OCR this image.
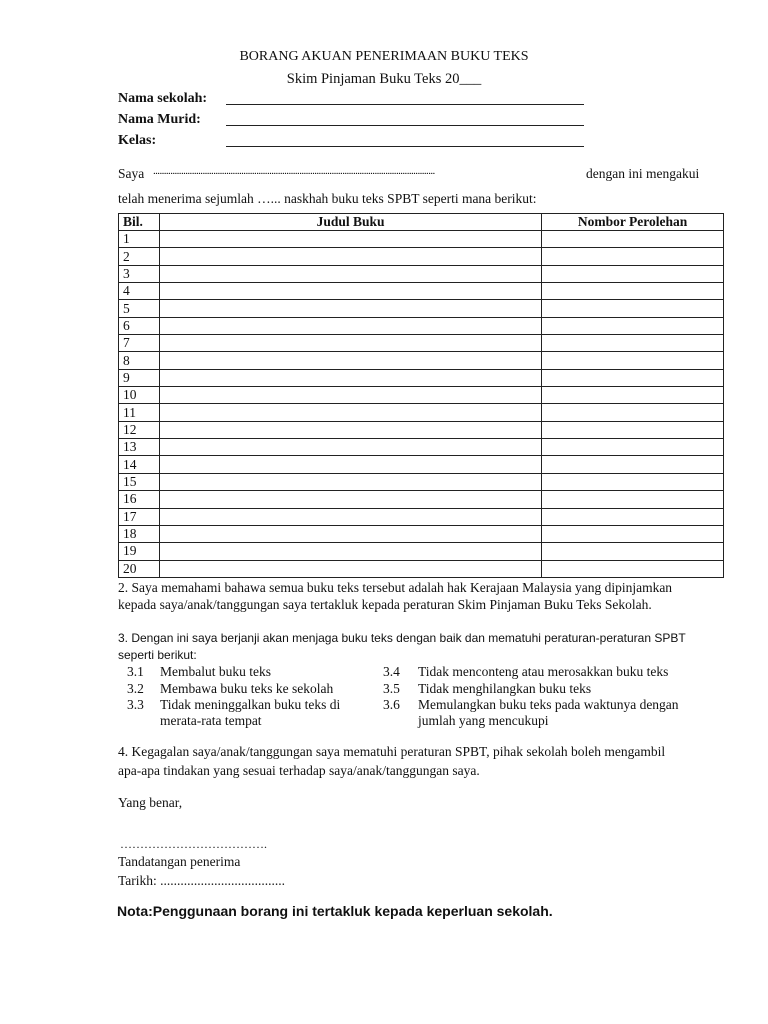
BORANG AKUAN PENERIMAAN BUKU TEKS
Skim Pinjaman Buku Teks 20___
Nama sekolah:
Nama Murid:
Kelas:
Saya ...................................................................................................................................	dengan ini mengakui
telah menerima sejumlah …... naskhah buku teks SPBT seperti mana berikut:
Bil.	Judul Buku	Nombor Perolehan
1		
2		
3		
4		
5		
6		
7		
8		
9		
10		
11		
12		
13		
14		
15		
16		
17		
18		
19		
20		
2. Saya memahami bahawa semua buku teks tersebut adalah hak Kerajaan Malaysia yang dipinjamkan
kepada saya/anak/tanggungan saya tertakluk kepada peraturan Skim Pinjaman Buku Teks Sekolah.
3. Dengan ini saya berjanji akan menjaga buku teks dengan baik dan mematuhi peraturan-peraturan SPBT
seperti berikut:
3.1 Membalut buku teks
3.2 Membawa buku teks ke sekolah
3.3 Tidak meninggalkan buku teks di
merata-rata tempat
3.4 Tidak menconteng atau merosakkan buku teks
3.5 Tidak menghilangkan buku teks
3.6 Memulangkan buku teks pada waktunya dengan
jumlah yang mencukupi
4. Kegagalan saya/anak/tanggungan saya mematuhi peraturan SPBT, pihak sekolah boleh mengambil
apa-apa tindakan yang sesuai terhadap saya/anak/tanggungan saya.
Yang benar,
……………………………….
Tandatangan penerima
Tarikh: .....................................
Nota:Penggunaan borang ini tertakluk kepada keperluan sekolah.
